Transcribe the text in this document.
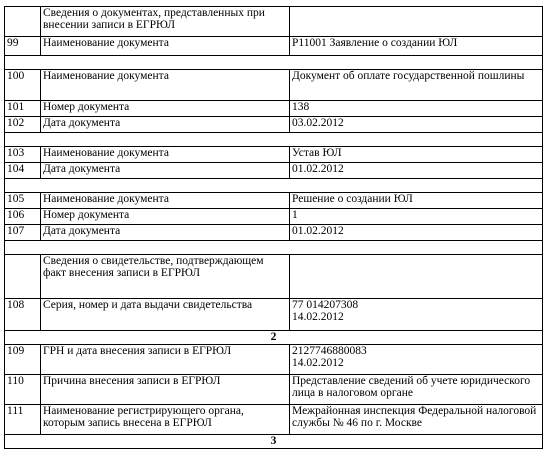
	Сведения о документах, представленных при внесении записи в ЕГРЮЛ	
99	Наименование документа	Р11001 Заявление о создании ЮЛ

100	Наименование документа	Документ об оплате государственной пошлины
101	Номер документа	138
102	Дата документа	03.02.2012

103	Наименование документа	Устав ЮЛ
104	Дата документа	01.02.2012

105	Наименование документа	Решение о создании ЮЛ
106	Номер документа	1
107	Дата документа	01.02.2012

	Сведения о свидетельстве, подтверждающем факт внесения записи в ЕГРЮЛ	
108	Серия, номер и дата выдачи свидетельства	77 014207308
14.02.2012
2		
109	ГРН и дата внесения записи в ЕГРЮЛ	2127746880083
14.02.2012
110	Причина внесения записи в ЕГРЮЛ	Представление сведений об учете юридического лица в налоговом органе
111	Наименование регистрирующего органа, которым запись внесена в ЕГРЮЛ	Межрайонная инспекция Федеральной налоговой службы № 46 по г. Москве
3		
